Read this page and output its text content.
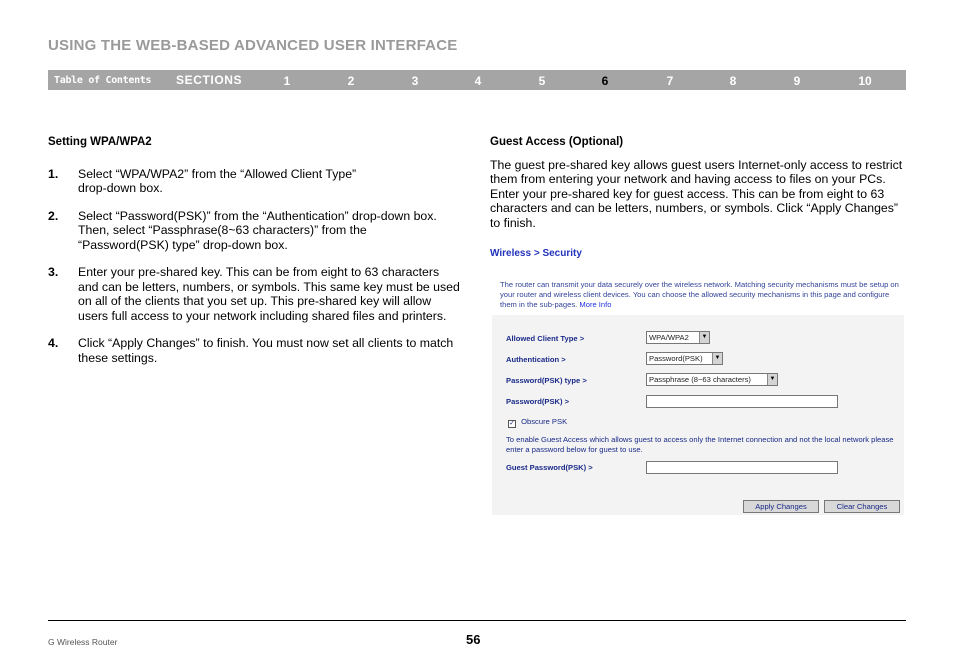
USING THE WEB-BASED ADVANCED USER INTERFACE
Table of Contents SECTIONS	1	2	3	4	5	6	7	8	9	10
Setting WPA/WPA2
1. Select “WPA/WPA2” from the “Allowed Client Type” drop-down box.

2. Select “Password(PSK)” from the “Authentication” drop-down box. Then, select “Passphrase(8~63 characters)” from the “Password(PSK) type” drop-down box.

3. Enter your pre-shared key. This can be from eight to 63 characters and can be letters, numbers, or symbols. This same key must be used on all of the clients that you set up. This pre-shared key will allow users full access to your network including shared files and printers.

4. Click “Apply Changes” to finish. You must now set all clients to match these settings.

Guest Access (Optional)

The guest pre-shared key allows guest users Internet-only access to restrict them from entering your network and having access to files on your PCs. Enter your pre-shared key for guest access. This can be from eight to 63 characters and can be letters, numbers, or symbols. Click “Apply Changes” to finish.

Wireless > Security
The router can transmit your data securely over the wireless network. Matching security mechanisms must be setup on your router and wireless client devices. You can choose the allowed security mechanisms in this page and configure them in the sub-pages. More Info
Allowed Client Type >	WPA/WPA2	▼
Authentication >	Password(PSK)	▼
Password(PSK) type >	Passphrase (8~63 characters)	▼
Password(PSK) >
✓ Obscure PSK
To enable Guest Access which allows guest to access only the Internet connection and not the local network please enter a password below for guest to use.
Guest Password(PSK) >
Apply Changes	Clear Changes
G Wireless Router	56
